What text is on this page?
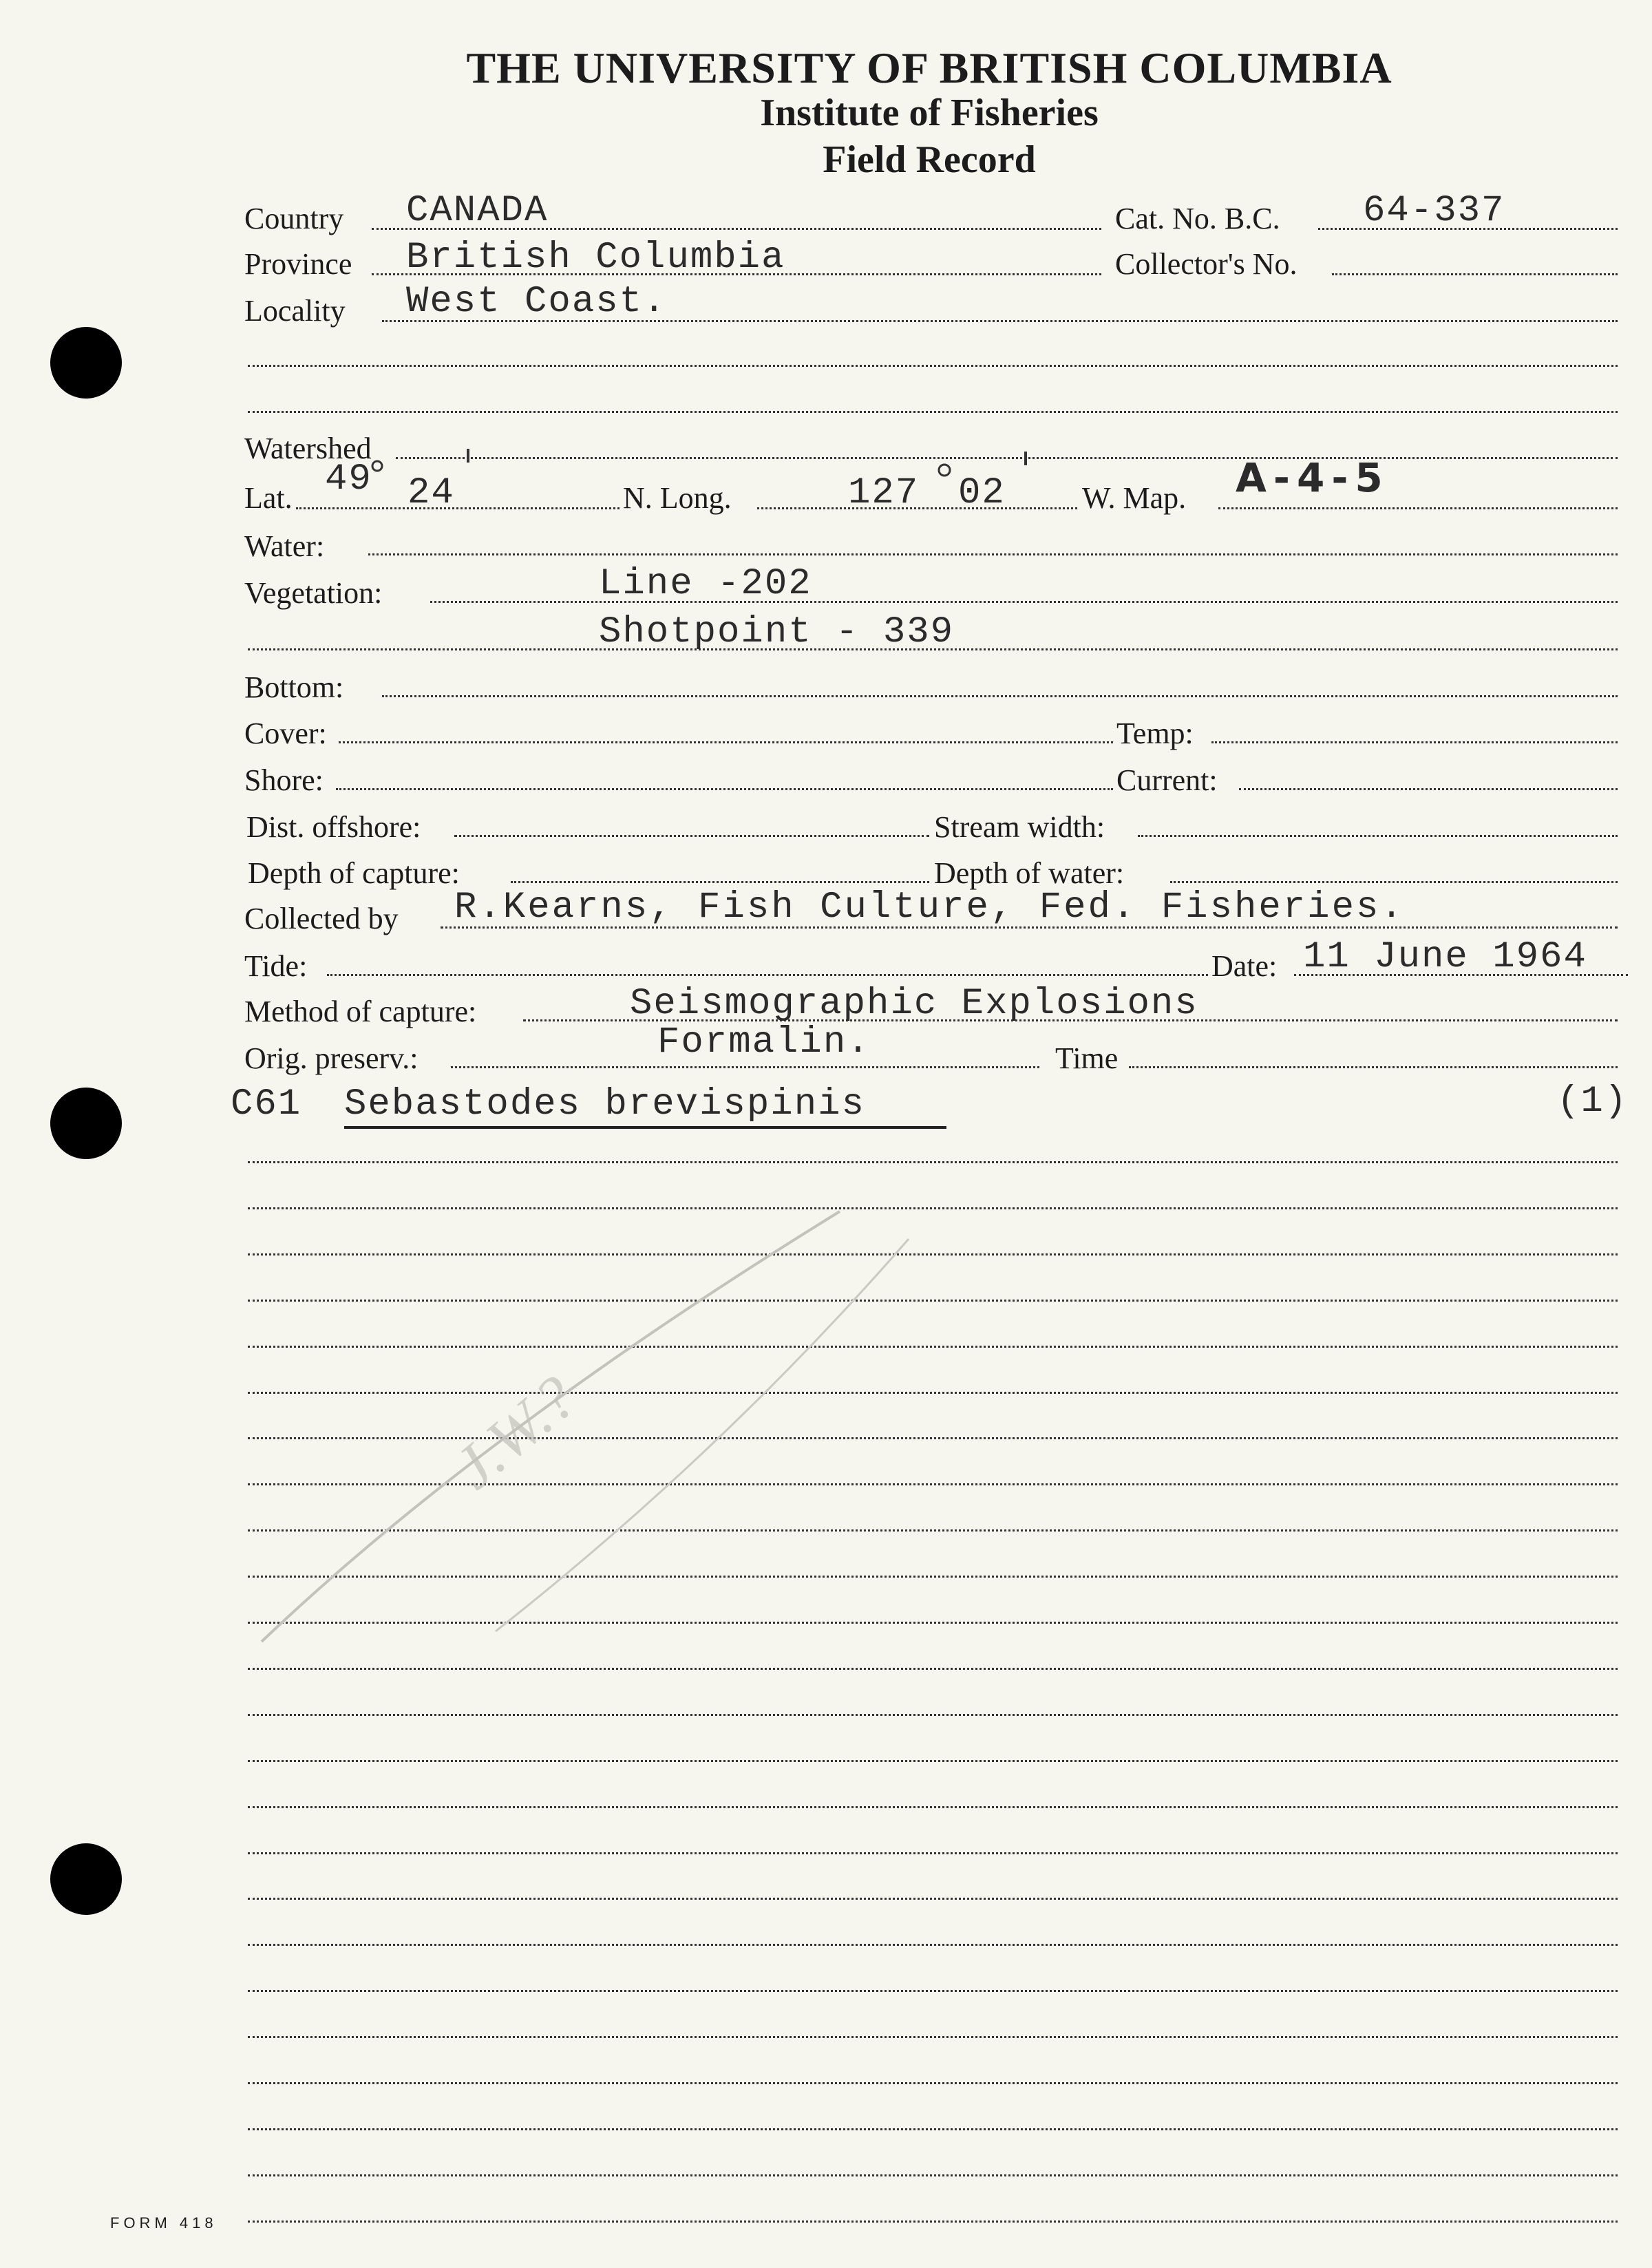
THE UNIVERSITY OF BRITISH COLUMBIA
Institute of Fisheries
Field Record
Country CANADA	Cat. No. B.C. 64-337
Province British Columbia	Collector's No.
Locality West Coast.
Watershed
Lat. 49 24	N. Long.	127 02	W. Map. A-4-5
Water:
Vegetation:	Line -202
Shotpoint - 339
Bottom:
Cover:	Temp:
Shore:	Current:
Dist. offshore:	Stream width:
Depth of capture:	Depth of water:
Collected by R.Kearns, Fish Culture, Fed. Fisheries.
Tide:	Date: 11 June 1964
Method of capture:	Seismographic Explosions
Orig. preserv.:	Formalin.	Time
C61 Sebastodes brevispinis	(1)
J.W.?
FORM 418
